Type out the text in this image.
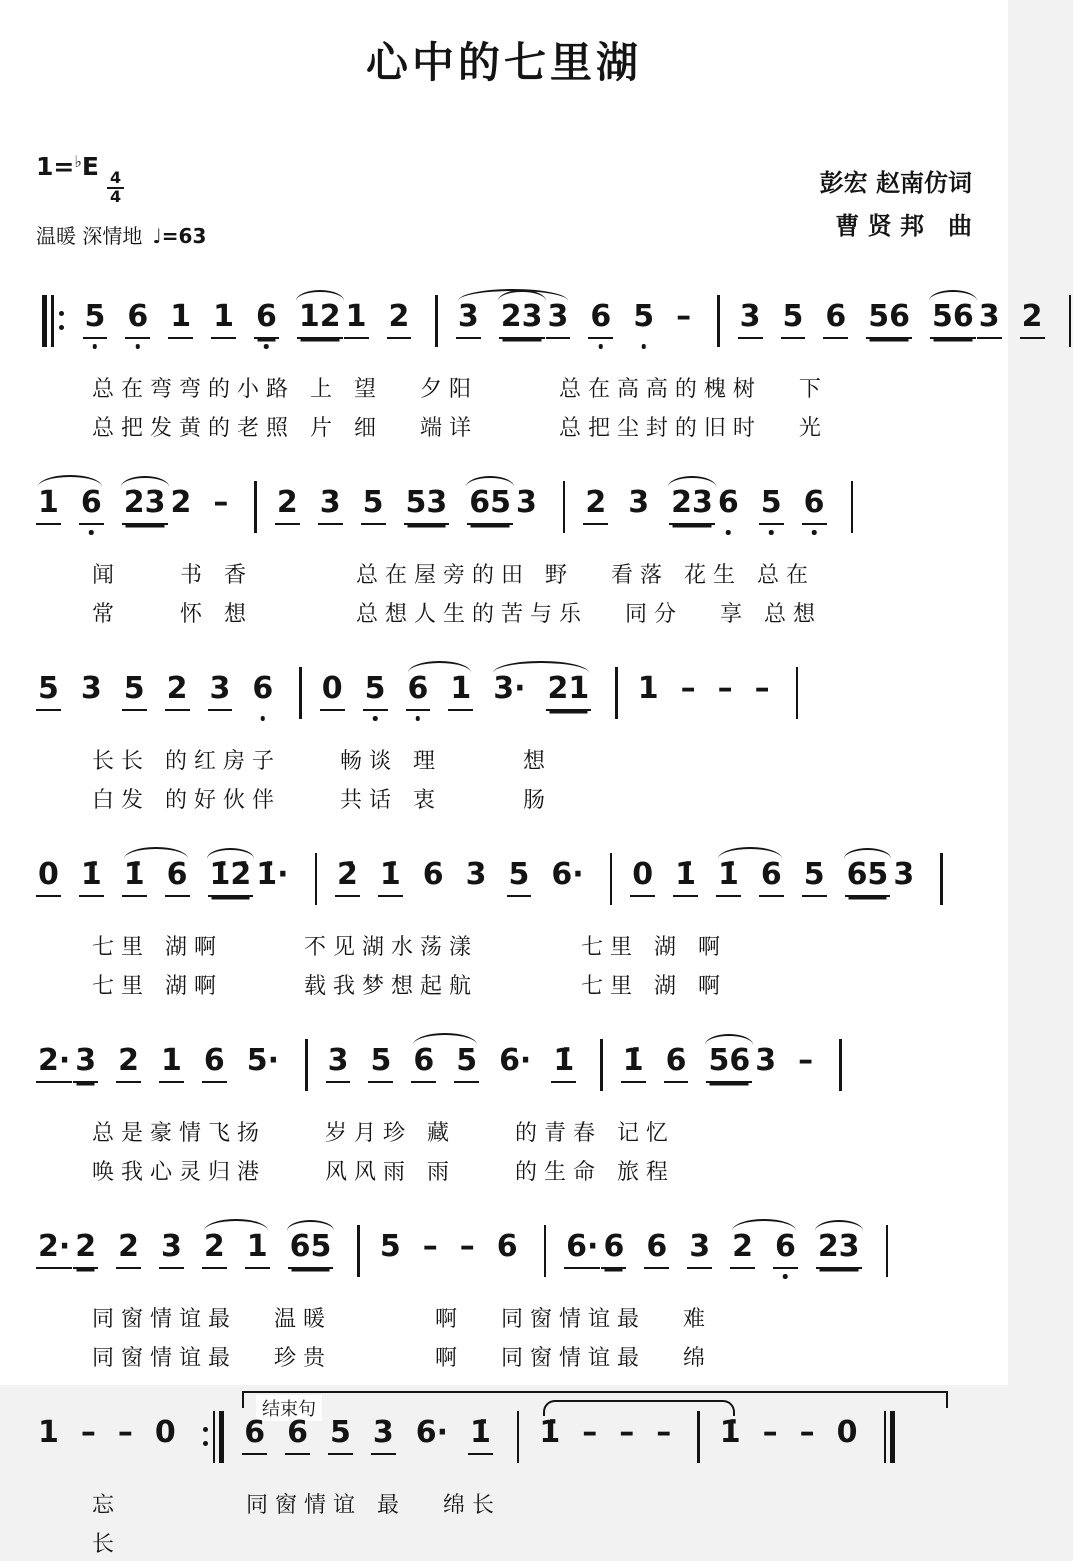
心中的七里湖
1=♭E
$\frac{4}{4}$
温暖 深情地 ♩=63
彭宏 赵南仿词
曹 贤 邦　曲
5 6 1 1 6 12 1 2 3 23 3 6 5 – 3 5 6 56 56 3 2
总 在 弯 弯 的 小 路　上　望　　夕 阳　　　　总 在 高 高 的 槐 树　　下
总 把 发 黄 的 老 照　片　细　　端 详　　　　总 把 尘 封 的 旧 时　　光
1 6 23 2 – 2 3 5 53 65 3 2 3 23 6 5 6
闻　　　书　香　　　　　总 在 屋 旁 的 田　野　　看 落　花 生　总 在
常　　　怀　想　　　　　总 想 人 生 的 苦 与 乐　　同 分　　享　总 想
5 3 5 2 3 6 0 5 6 1 3· 21 1 – – –
长 长　的 红 房 子　　　畅 谈　理　　　　想
白 发　的 好 伙 伴　　　共 话　衷　　　　肠
0 1̇ 1̇ 6 1̇2̇ 1̇· 2̇ 1̇ 6 3 5 6· 0 1̇ 1̇ 6 5 65 3
七 里　湖 啊　　　　不 见 湖 水 荡 漾　　　　　七 里　湖　啊
七 里　湖 啊　　　　载 我 梦 想 起 航　　　　　七 里　湖　啊
2· 3 2 1 6 5· 3 5 6 5 6· 1̇ 1̇ 6 56 3 –
总 是 豪 情 飞 扬　　　岁 月 珍　藏　　　的 青 春　记 忆
唤 我 心 灵 归 港　　　风 风 雨　雨　　　的 生 命　旅 程
2· 2 2 3 2 1 65 5 – – 6 6· 6 6 3 2 6 23
同 窗 情 谊 最　　温 暖　　　　　啊　　同 窗 情 谊 最　　难
同 窗 情 谊 最　　珍 贵　　　　　啊　　同 窗 情 谊 最　　绵
结束句
1 – – 0 6 6 5 3 6· 1̇ 1̇ – – – 1̇ – – 0
忘　　　　　　同 窗 情 谊　最　　绵 长
长
